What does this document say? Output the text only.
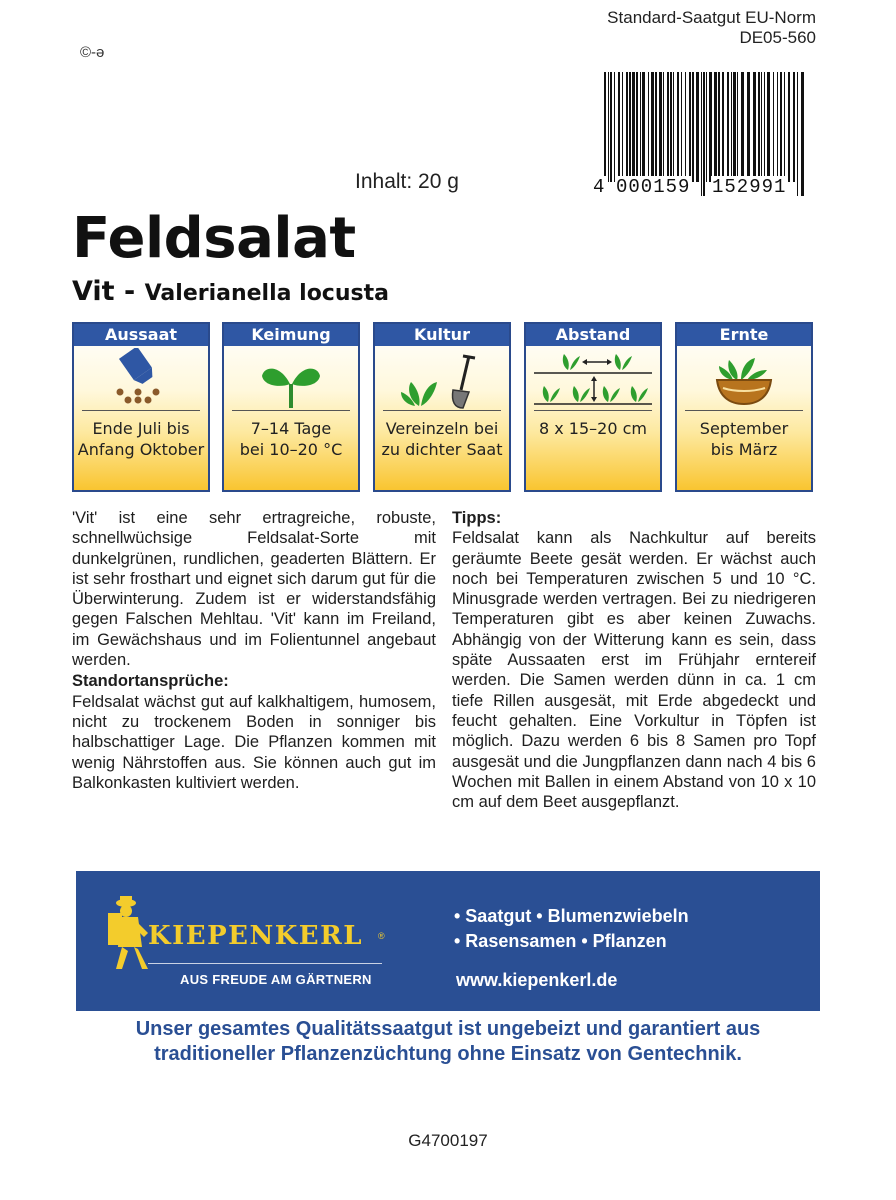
©-ə
Standard-Saatgut EU-Norm
DE05-560
4 000159 152991
Inhalt: 20 g
Feldsalat
Vit - Valerianella locusta
Aussaat
Ende Juli bis
Anfang Oktober
Keimung
7–14 Tage
bei 10–20 °C
Kultur
Vereinzeln bei
zu dichter Saat
Abstand
8 x 15–20 cm
Ernte
September
bis März

'Vit' ist eine sehr ertragreiche, robuste, schnellwüchsige Feldsalat-Sorte mit dunkelgrünen, rundlichen, geaderten Blättern. Er ist sehr frosthart und eignet sich darum gut für die Überwinterung. Zudem ist er widerstandsfähig gegen Falschen Mehltau. 'Vit' kann im Freiland, im Gewächshaus und im Folientunnel angebaut werden.

Standortansprüche:

Feldsalat wächst gut auf kalkhaltigem, humosem, nicht zu trockenem Boden in sonniger bis halbschattiger Lage. Die Pflanzen kommen mit wenig Nährstoffen aus. Sie können auch gut im Balkonkasten kultiviert werden.

Tipps:

Feldsalat kann als Nachkultur auf bereits geräumte Beete gesät werden. Er wächst auch noch bei Temperaturen zwischen 5 und 10 °C. Minusgrade werden vertragen. Bei zu niedrigeren Temperaturen gibt es aber keinen Zuwachs. Abhängig von der Witterung kann es sein, dass späte Aussaaten erst im Frühjahr erntereif werden. Die Samen werden dünn in ca. 1 cm tiefe Rillen ausgesät, mit Erde abgedeckt und feucht gehalten. Eine Vorkultur in Töpfen ist möglich. Dazu werden 6 bis 8 Samen pro Topf ausgesät und die Jungpflanzen dann nach 4 bis 6 Wochen mit Ballen in einem Abstand von 10 x 10 cm auf dem Beet ausgepflanzt.

KIEPENKERL ®
AUS FREUDE AM GÄRTNERN
• Saatgut • Blumenzwiebeln
• Rasensamen • Pflanzen
www.kiepenkerl.de
Unser gesamtes Qualitätssaatgut ist ungebeizt und garantiert aus
traditioneller Pflanzenzüchtung ohne Einsatz von Gentechnik.
G4700197
